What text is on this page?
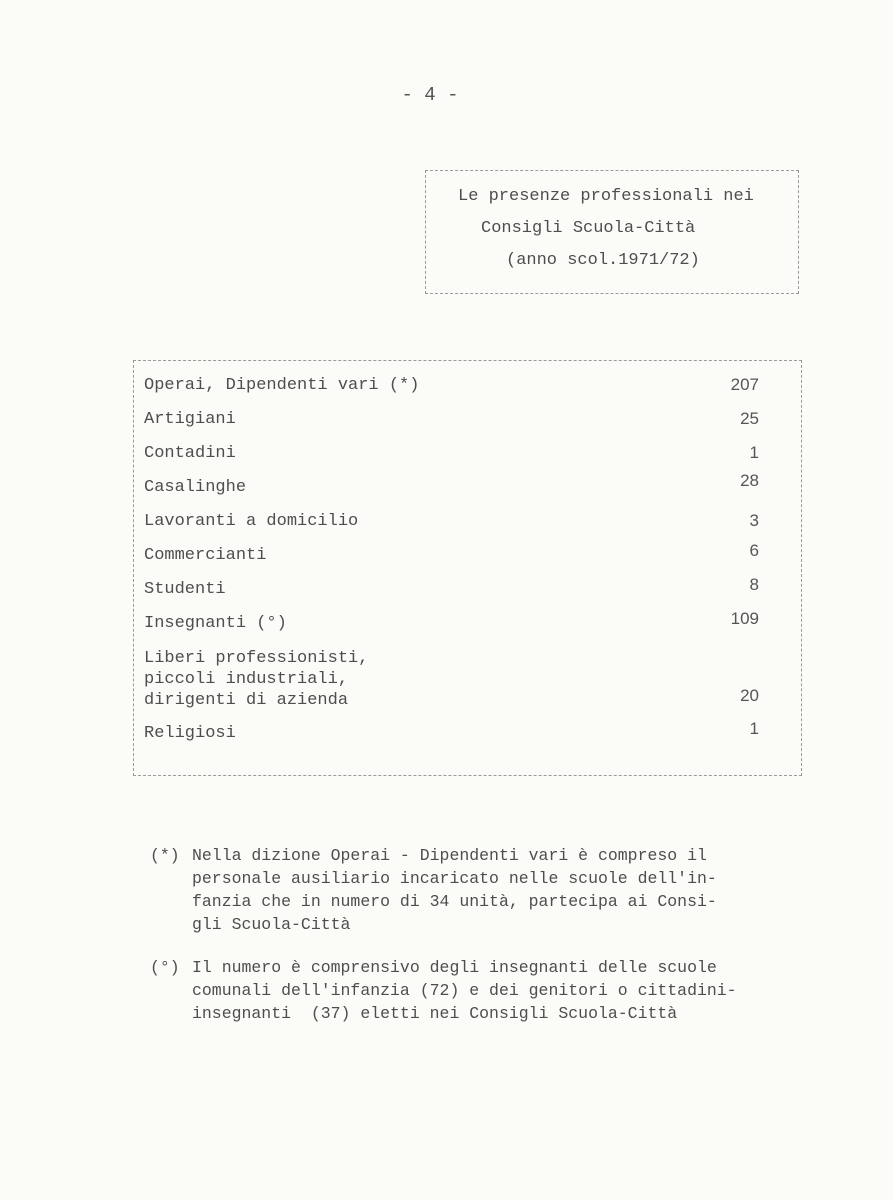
- 4 -
Le presenze professionali nei
Consigli Scuola-Città
(anno scol.1971/72)
Operai, Dipendenti vari (*)	207
Artigiani	25
Contadini	1
Casalinghe	28
Lavoranti a domicilio	3
Commercianti	6
Studenti	8
Insegnanti (°)	109
Liberi professionisti,
piccoli industriali,
dirigenti di azienda	20
Religiosi	1
(*) Nella dizione Operai - Dipendenti vari è compreso il
personale ausiliario incaricato nelle scuole dell'in-
fanzia che in numero di 34 unità, partecipa ai Consi-
gli Scuola-Città
(°) Il numero è comprensivo degli insegnanti delle scuole
comunali dell'infanzia (72) e dei genitori o cittadini-
insegnanti  (37) eletti nei Consigli Scuola-Città
